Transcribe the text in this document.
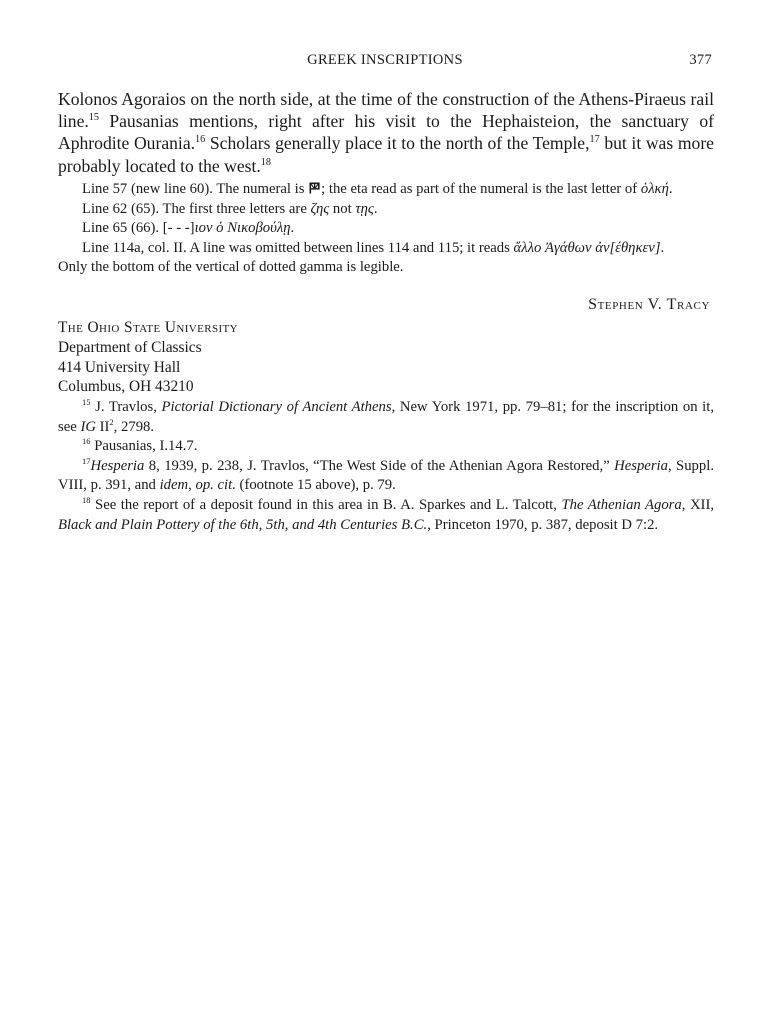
GREEK INSCRIPTIONS	377

Kolonos Agoraios on the north side, at the time of the construction of the Athens-Piraeus rail line.$^{15}$ Pausanias mentions, right after his visit to the Hephaisteion, the sanctuary of Aphrodite Ourania.$^{16}$ Scholars generally place it to the north of the Temple,$^{17}$ but it was more probably located to the west.$^{18}$

Line 57 (new line 60). The numeral is
; the eta read as part of the numeral is the last letter of ὁλκή.

Line 62 (65). The first three letters are ζης not τῃς.

Line 65 (66). [- - -]ιον ὁ Νικοβούλῃ.

Line 114a, col. II. A line was omitted between lines 114 and 115; it reads ἄλλο Ἀγάθων ἀν[έθηκεν].

Only the bottom of the vertical of dotted gamma is legible.

Stephen V. Tracy
The Ohio State University
Department of Classics
414 University Hall
Columbus, OH 43210

$^{15}$ J. Travlos, Pictorial Dictionary of Ancient Athens, New York 1971, pp. 79–81; for the inscription on it, see IG $II^2$, 2798.

$^{16}$ Pausanias, I.14.7.

$^{17}$Hesperia 8, 1939, p. 238, J. Travlos, “The West Side of the Athenian Agora Restored,” Hesperia, Suppl. VIII, p. 391, and idem, op. cit. (footnote 15 above), p. 79.

$^{18}$ See the report of a deposit found in this area in B. A. Sparkes and L. Talcott, The Athenian Agora, XII, Black and Plain Pottery of the 6th, 5th, and 4th Centuries B.C., Princeton 1970, p. 387, deposit D 7:2.
